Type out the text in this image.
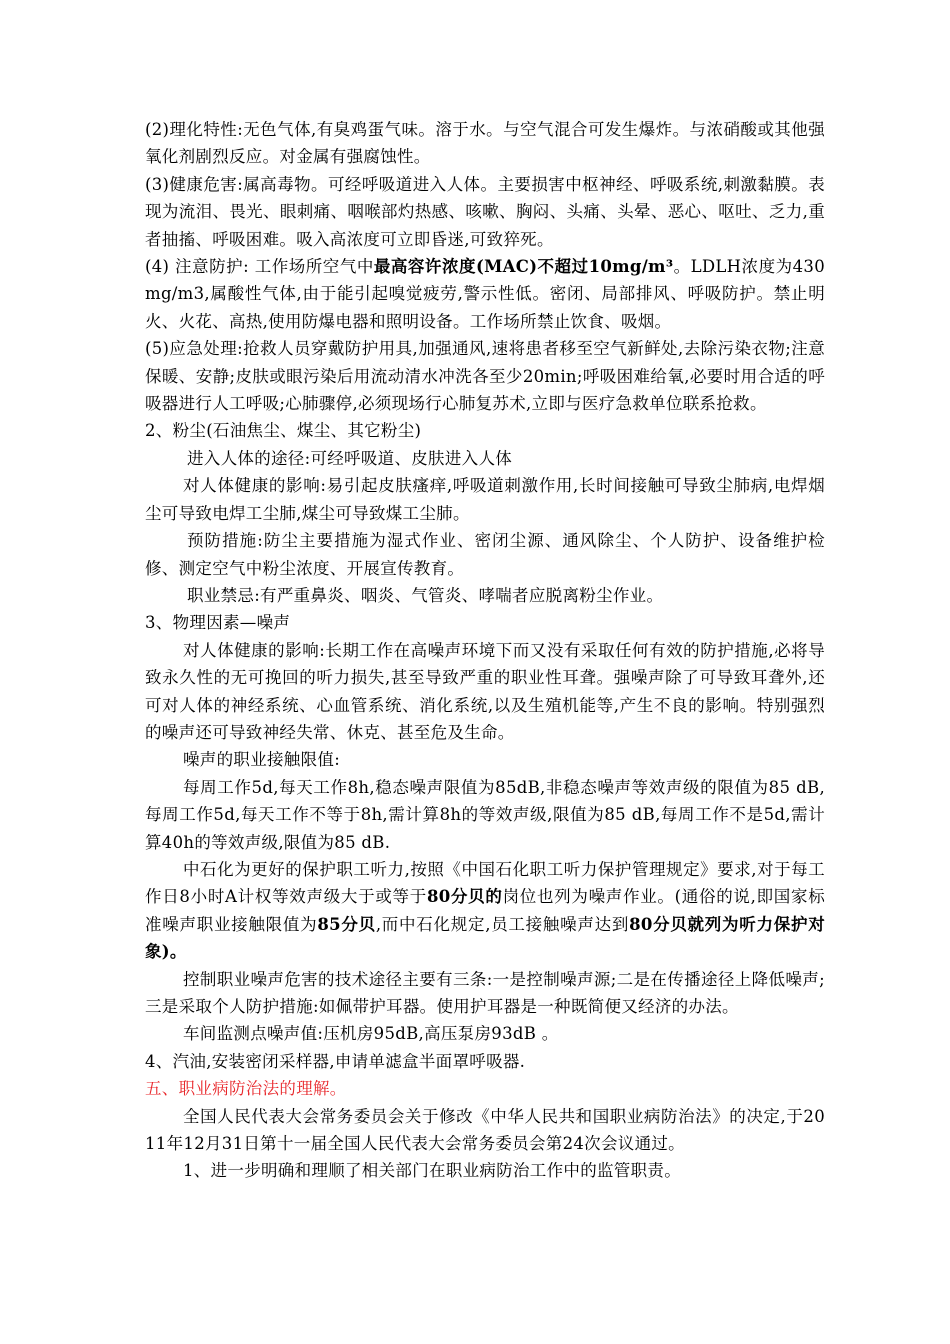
(2)理化特性:无色气体,有臭鸡蛋气味。溶于水。与空气混合可发生爆炸。与浓硝酸或其他强氧化剂剧烈反应。对金属有强腐蚀性。

(3)健康危害:属高毒物。可经呼吸道进入人体。主要损害中枢神经、呼吸系统,刺激黏膜。表现为流泪、畏光、眼刺痛、咽喉部灼热感、咳嗽、胸闷、头痛、头晕、恶心、呕吐、乏力,重者抽搐、呼吸困难。吸入高浓度可立即昏迷,可致猝死。

(4) 注意防护: 工作场所空气中最高容许浓度(MAC)不超过10mg/m³。LDLH浓度为430mg/m3,属酸性气体,由于能引起嗅觉疲劳,警示性低。密闭、局部排风、呼吸防护。禁止明火、火花、高热,使用防爆电器和照明设备。工作场所禁止饮食、吸烟。

(5)应急处理:抢救人员穿戴防护用具,加强通风,速将患者移至空气新鲜处,去除污染衣物;注意保暖、安静;皮肤或眼污染后用流动清水冲洗各至少20min;呼吸困难给氧,必要时用合适的呼吸器进行人工呼吸;心肺骤停,必须现场行心肺复苏术,立即与医疗急救单位联系抢救。

2、粉尘(石油焦尘、煤尘、其它粉尘)

进入人体的途径:可经呼吸道、皮肤进入人体

对人体健康的影响:易引起皮肤瘙痒,呼吸道刺激作用,长时间接触可导致尘肺病,电焊烟尘可导致电焊工尘肺,煤尘可导致煤工尘肺。

预防措施:防尘主要措施为湿式作业、密闭尘源、通风除尘、个人防护、设备维护检修、测定空气中粉尘浓度、开展宣传教育。

职业禁忌:有严重鼻炎、咽炎、气管炎、哮喘者应脱离粉尘作业。

3、物理因素—噪声

对人体健康的影响:长期工作在高噪声环境下而又没有采取任何有效的防护措施,必将导致永久性的无可挽回的听力损失,甚至导致严重的职业性耳聋。强噪声除了可导致耳聋外,还可对人体的神经系统、心血管系统、消化系统,以及生殖机能等,产生不良的影响。特别强烈的噪声还可导致神经失常、休克、甚至危及生命。

噪声的职业接触限值:

每周工作5d,每天工作8h,稳态噪声限值为85dB,非稳态噪声等效声级的限值为85 dB,每周工作5d,每天工作不等于8h,需计算8h的等效声级,限值为85 dB,每周工作不是5d,需计算40h的等效声级,限值为85 dB.

中石化为更好的保护职工听力,按照《中国石化职工听力保护管理规定》要求,对于每工作日8小时A计权等效声级大于或等于80分贝的岗位也列为噪声作业。(通俗的说,即国家标准噪声职业接触限值为85分贝,而中石化规定,员工接触噪声达到80分贝就列为听力保护对象)。

控制职业噪声危害的技术途径主要有三条:一是控制噪声源;二是在传播途径上降低噪声;三是采取个人防护措施:如佩带护耳器。使用护耳器是一种既简便又经济的办法。

车间监测点噪声值:压机房95dB,高压泵房93dB 。

4、汽油,安装密闭采样器,申请单滤盒半面罩呼吸器.

五、职业病防治法的理解。

全国人民代表大会常务委员会关于修改《中华人民共和国职业病防治法》的决定,于2011年12月31日第十一届全国人民代表大会常务委员会第24次会议通过。

1、进一步明确和理顺了相关部门在职业病防治工作中的监管职责。
